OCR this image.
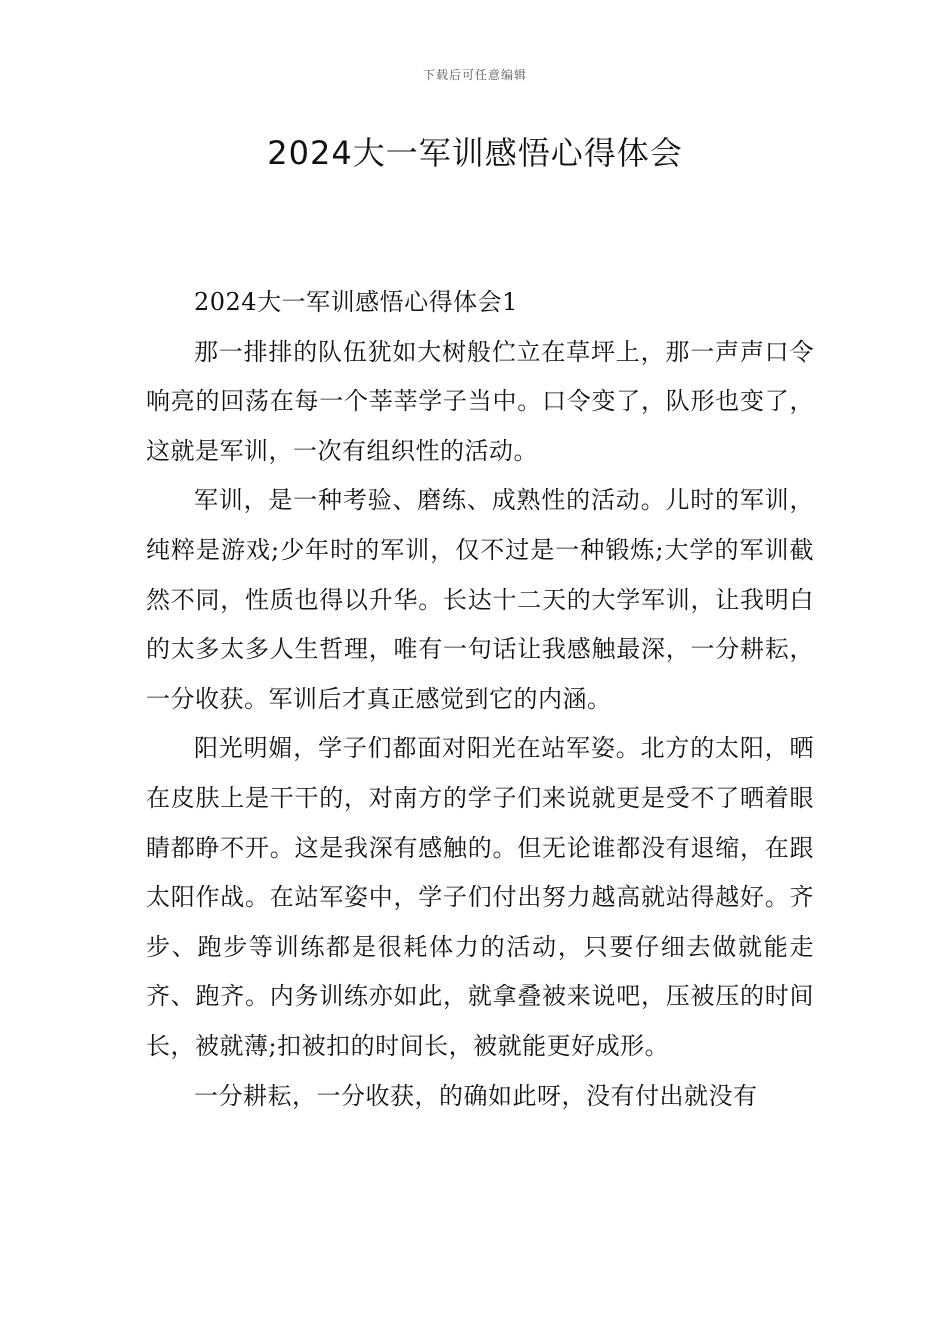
下载后可任意编辑
2024大一军训感悟心得体会

2024大一军训感悟心得体会1

那一排排的队伍犹如大树般伫立在草坪上，那一声声口令响亮的回荡在每一个莘莘学子当中。口令变了，队形也变了，这就是军训，一次有组织性的活动。

军训，是一种考验、磨练、成熟性的活动。儿时的军训，纯粹是游戏;少年时的军训，仅不过是一种锻炼;大学的军训截然不同，性质也得以升华。长达十二天的大学军训，让我明白的太多太多人生哲理，唯有一句话让我感触最深，一分耕耘，一分收获。军训后才真正感觉到它的内涵。

阳光明媚，学子们都面对阳光在站军姿。北方的太阳，晒在皮肤上是干干的，对南方的学子们来说就更是受不了晒着眼睛都睁不开。这是我深有感触的。但无论谁都没有退缩，在跟太阳作战。在站军姿中，学子们付出努力越高就站得越好。齐步、跑步等训练都是很耗体力的活动，只要仔细去做就能走齐、跑齐。内务训练亦如此，就拿叠被来说吧，压被压的时间长，被就薄;扣被扣的时间长，被就能更好成形。

一分耕耘，一分收获，的确如此呀，没有付出就没有
